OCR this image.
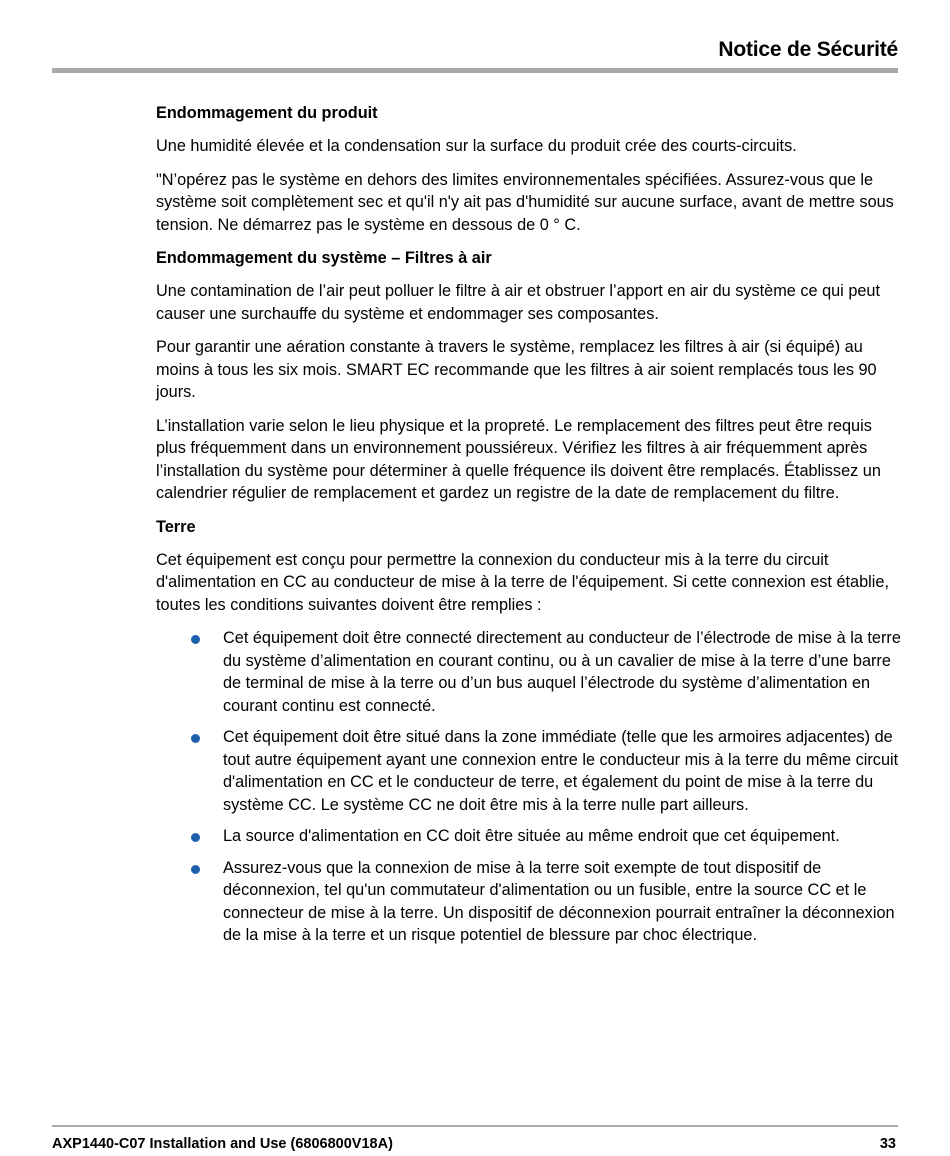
Notice de Sécurité
Endommagement du produit

Une humidité élevée et la condensation sur la surface du produit crée des courts-circuits.

"N’opérez pas le système en dehors des limites environnementales spécifiées. Assurez-vous que le système soit complètement sec et qu'il n'y ait pas d'humidité sur aucune surface, avant de mettre sous tension. Ne démarrez pas le système en dessous de 0 ° C.

Endommagement du système – Filtres à air

Une contamination de l’air peut polluer le filtre à air et obstruer l’apport en air du système ce qui peut causer une surchauffe du système et endommager ses composantes.

Pour garantir une aération constante à travers le système, remplacez les filtres à air (si équipé) au moins à tous les six mois. SMART EC recommande que les filtres à air soient remplacés tous les 90 jours.

L’installation varie selon le lieu physique et la propreté. Le remplacement des filtres peut être requis plus fréquemment dans un environnement poussiéreux. Vérifiez les filtres à air fréquemment après l’installation du système pour déterminer à quelle fréquence ils doivent être remplacés. Établissez un calendrier régulier de remplacement et gardez un registre de la date de remplacement du filtre.

Terre

Cet équipement est conçu pour permettre la connexion du conducteur mis à la terre du circuit d'alimentation en CC au conducteur de mise à la terre de l'équipement. Si cette connexion est établie, toutes les conditions suivantes doivent être remplies :

Cet équipement doit être connecté directement au conducteur de l’électrode de mise à la terre du système d’alimentation en courant continu, ou à un cavalier de mise à la terre d’une barre de terminal de mise à la terre ou d’un bus auquel l’électrode du système d’alimentation en courant continu est connecté.
Cet équipement doit être situé dans la zone immédiate (telle que les armoires adjacentes) de tout autre équipement ayant une connexion entre le conducteur mis à la terre du même circuit d'alimentation en CC et le conducteur de terre, et également du point de mise à la terre du système CC. Le système CC ne doit être mis à la terre nulle part ailleurs.
La source d'alimentation en CC doit être située au même endroit que cet équipement.
Assurez-vous que la connexion de mise à la terre soit exempte de tout dispositif de déconnexion, tel qu'un commutateur d'alimentation ou un fusible, entre la source CC et le connecteur de mise à la terre. Un dispositif de déconnexion pourrait entraîner la déconnexion de la mise à la terre et un risque potentiel de blessure par choc électrique.
AXP1440-C07 Installation and Use (6806800V18A)	33
